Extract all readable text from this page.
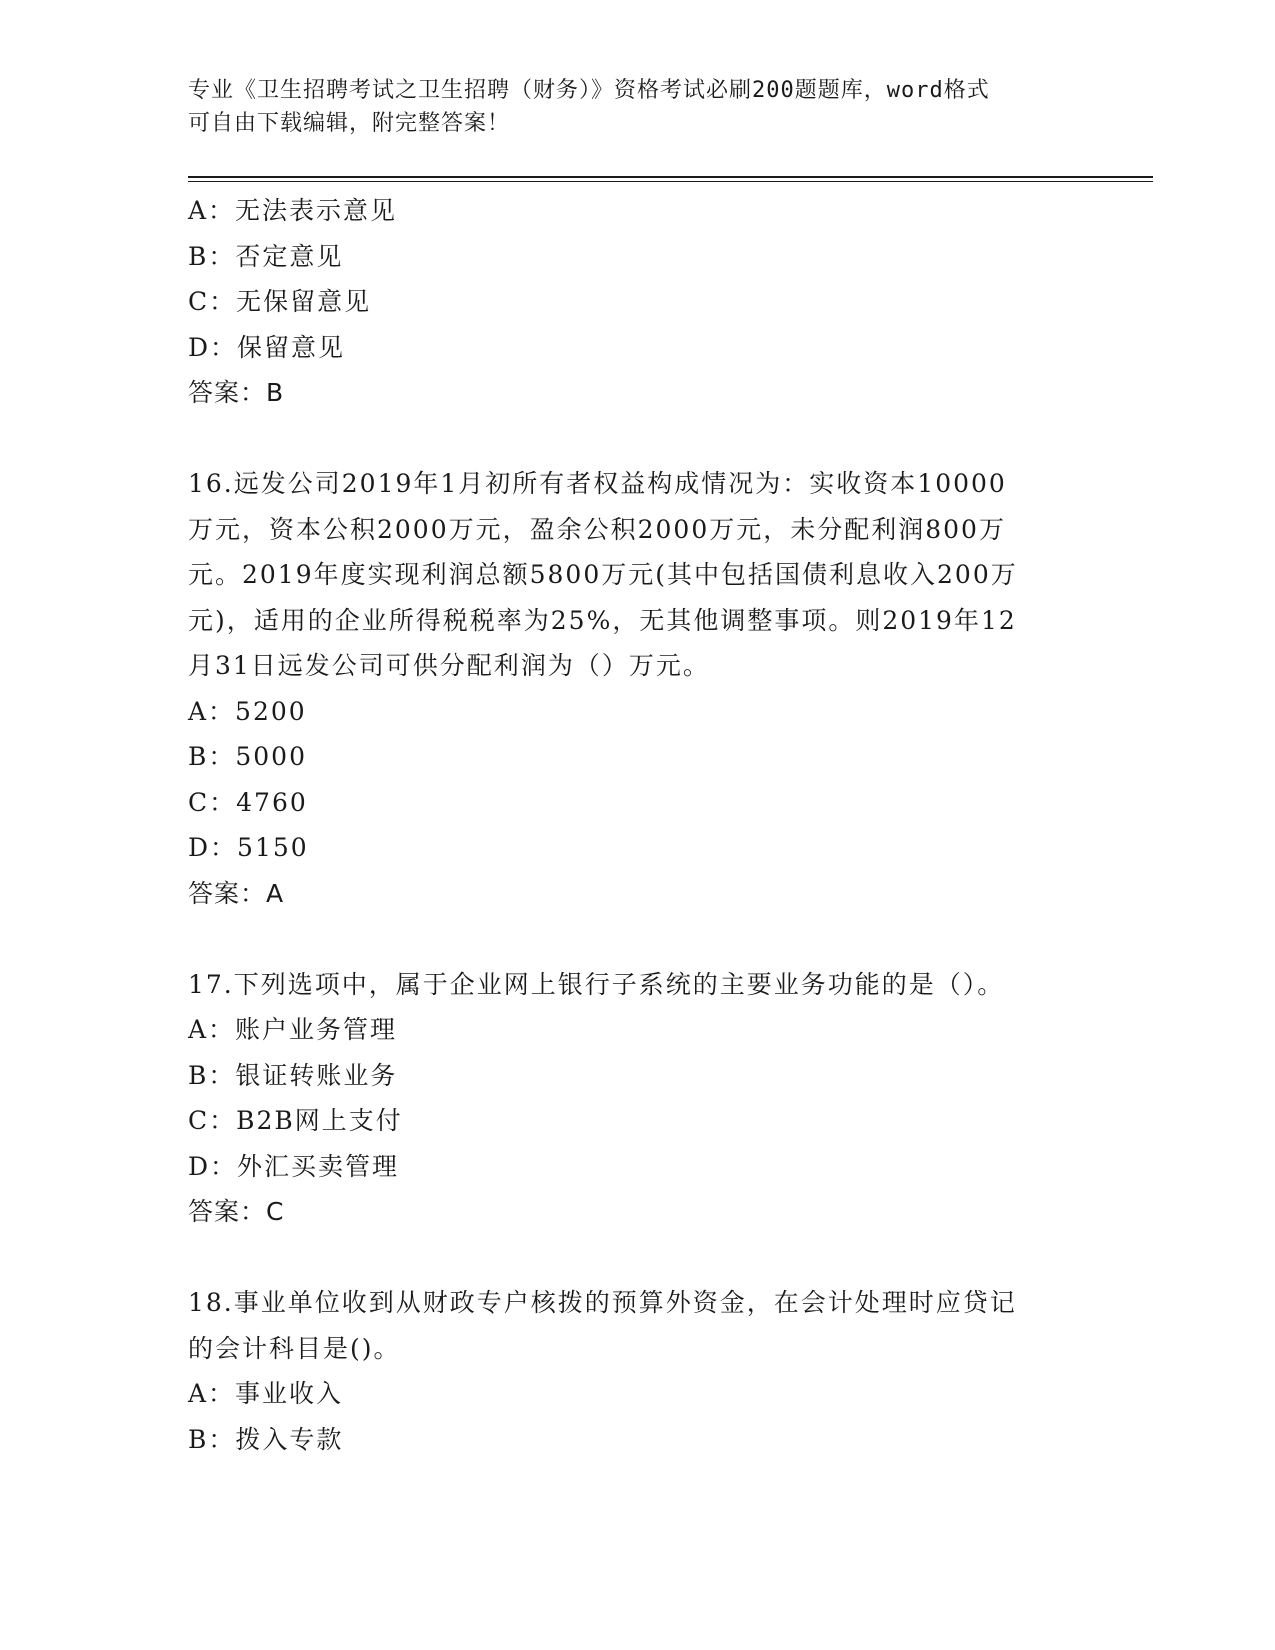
专业《卫生招聘考试之卫生招聘（财务）》资格考试必刷200题题库，word格式
可自由下载编辑，附完整答案！
A：无法表示意见
B：否定意见
C：无保留意见
D：保留意见
答案：B
16.远发公司2019年1月初所有者权益构成情况为：实收资本10000
万元，资本公积2000万元，盈余公积2000万元，未分配利润800万
元。2019年度实现利润总额5800万元(其中包括国债利息收入200万
元)，适用的企业所得税税率为25%，无其他调整事项。则2019年12
月31日远发公司可供分配利润为（）万元。
A：5200
B：5000
C：4760
D：5150
答案：A
17.下列选项中，属于企业网上银行子系统的主要业务功能的是（）。
A：账户业务管理
B：银证转账业务
C：B2B网上支付
D：外汇买卖管理
答案：C
18.事业单位收到从财政专户核拨的预算外资金，在会计处理时应贷记
的会计科目是()。
A：事业收入
B：拨入专款
